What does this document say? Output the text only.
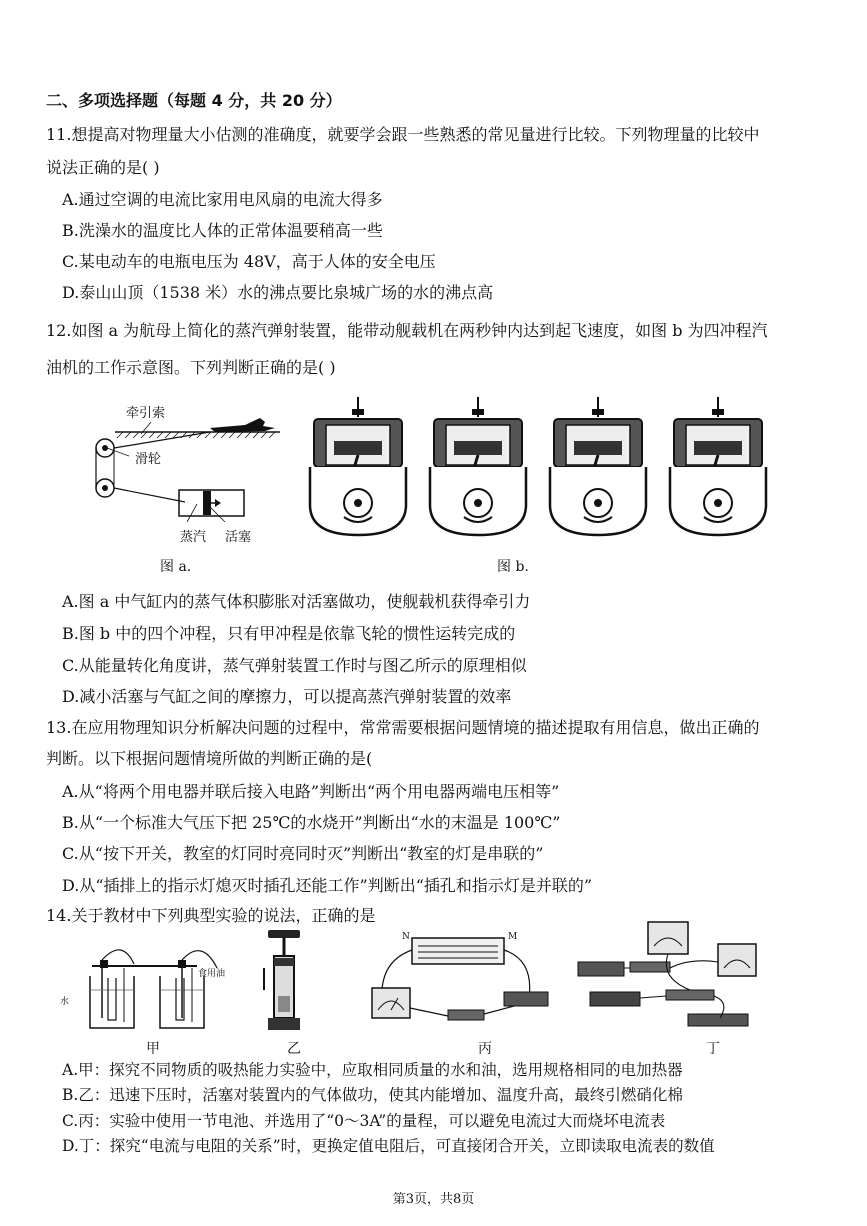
二、多项选择题（每题 4 分，共 20 分）
11.想提高对物理量大小估测的准确度，就要学会跟一些熟悉的常见量进行比较。下列物理量的比较中
说法正确的是( )
A.通过空调的电流比家用电风扇的电流大得多
B.洗澡水的温度比人体的正常体温要稍高一些
C.某电动车的电瓶电压为 48V，高于人体的安全电压
D.泰山山顶（1538 米）水的沸点要比泉城广场的水的沸点高
12.如图 a 为航母上简化的蒸汽弹射装置，能带动舰载机在两秒钟内达到起飞速度，如图 b 为四冲程汽
油机的工作示意图。下列判断正确的是( )
牵引索
滑轮
蒸汽 活塞
图 a.	图 b.
A.图 a 中气缸内的蒸气体积膨胀对活塞做功，使舰载机获得牵引力
B.图 b 中的四个冲程，只有甲冲程是依靠飞轮的惯性运转完成的
C.从能量转化角度讲，蒸气弹射装置工作时与图乙所示的原理相似
D.减小活塞与气缸之间的摩擦力，可以提高蒸汽弹射装置的效率
13.在应用物理知识分析解决问题的过程中，常常需要根据问题情境的描述提取有用信息，做出正确的
判断。以下根据问题情境所做的判断正确的是(
A.从“将两个用电器并联后接入电路”判断出“两个用电器两端电压相等”
B.从“一个标准大气压下把 25℃的水烧开”判断出“水的末温是 100℃”
C.从“按下开关，教室的灯同时亮同时灭”判断出“教室的灯是串联的”
D.从“插排上的指示灯熄灭时插孔还能工作”判断出“插孔和指示灯是并联的”
14.关于教材中下列典型实验的说法，正确的是
水
食用油
甲	乙
N	M
丙	丁
A.甲：探究不同物质的吸热能力实验中，应取相同质量的水和油，选用规格相同的电加热器
B.乙：迅速下压时，活塞对装置内的气体做功，使其内能增加、温度升高，最终引燃硝化棉
C.丙：实验中使用一节电池、并选用了“0～3A”的量程，可以避免电流过大而烧坏电流表
D.丁：探究“电流与电阻的关系”时，更换定值电阻后，可直接闭合开关，立即读取电流表的数值
第3页，共8页
